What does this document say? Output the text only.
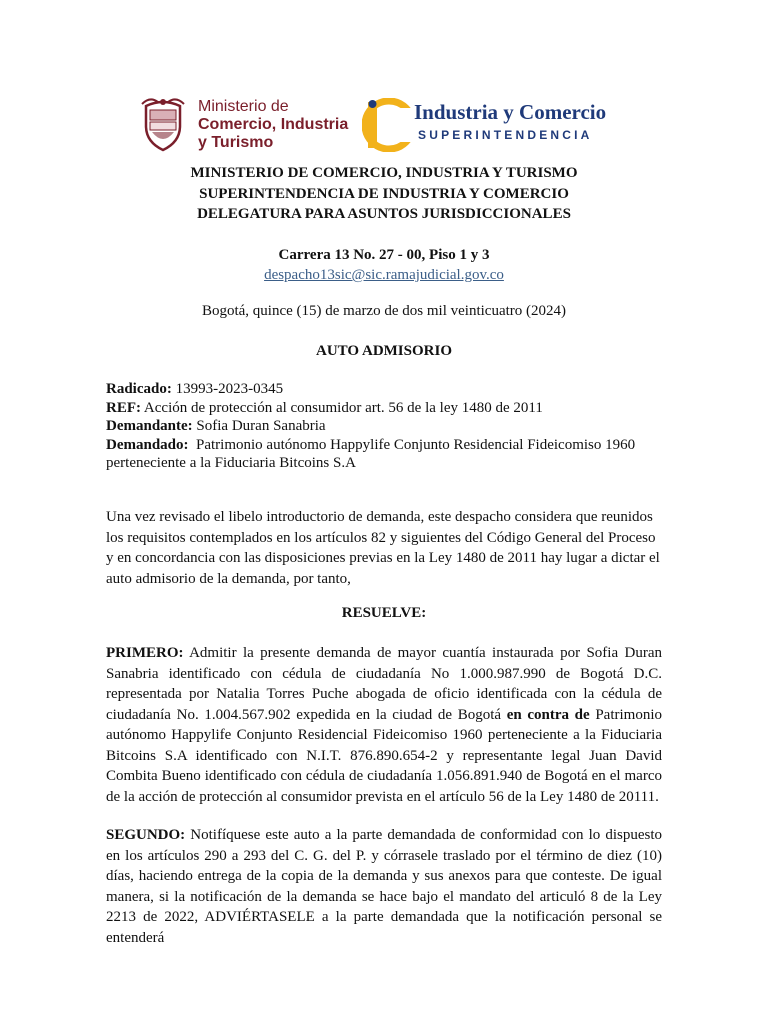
Ministerio de
Comercio, Industria
y Turismo
Industria y Comercio
SUPERINTENDENCIA
MINISTERIO DE COMERCIO, INDUSTRIA Y TURISMO
SUPERINTENDENCIA DE INDUSTRIA Y COMERCIO
DELEGATURA PARA ASUNTOS JURISDICCIONALES
Carrera 13 No. 27 - 00, Piso 1 y 3
despacho13sic@sic.ramajudicial.gov.co
Bogotá, quince (15) de marzo de dos mil veinticuatro (2024)
AUTO ADMISORIO
Radicado: 13993-2023-0345
REF: Acción de protección al consumidor art. 56 de la ley 1480 de 2011
Demandante: Sofia Duran Sanabria
Demandado:  Patrimonio autónomo Happylife Conjunto Residencial Fideicomiso 1960 perteneciente a la Fiduciaria Bitcoins S.A
Una vez revisado el libelo introductorio de demanda, este despacho considera que reunidos los requisitos contemplados en los artículos 82 y siguientes del Código General del Proceso y en concordancia con las disposiciones previas en la Ley 1480 de 2011 hay lugar a dictar el auto admisorio de la demanda, por tanto,
RESUELVE:
PRIMERO: Admitir la presente demanda de mayor cuantía instaurada por Sofia Duran Sanabria identificado con cédula de ciudadanía No 1.000.987.990 de Bogotá D.C. representada por Natalia Torres Puche abogada de oficio identificada con la cédula de ciudadanía No. 1.004.567.902 expedida en la ciudad de Bogotá en contra de Patrimonio autónomo Happylife Conjunto Residencial Fideicomiso 1960 perteneciente a la Fiduciaria Bitcoins S.A identificado con N.I.T. 876.890.654-2 y representante legal Juan David Combita Bueno identificado con cédula de ciudadanía 1.056.891.940 de Bogotá en el marco de la acción de protección al consumidor prevista en el artículo 56 de la Ley 1480 de 20111.
SEGUNDO: Notifíquese este auto a la parte demandada de conformidad con lo dispuesto en los artículos 290 a 293 del C. G. del P. y córrasele traslado por el término de diez (10) días, haciendo entrega de la copia de la demanda y sus anexos para que conteste. De igual manera, si la notificación de la demanda se hace bajo el mandato del articuló 8 de la Ley 2213 de 2022, ADVIÉRTASELE a la parte demandada que la notificación personal se entenderá
